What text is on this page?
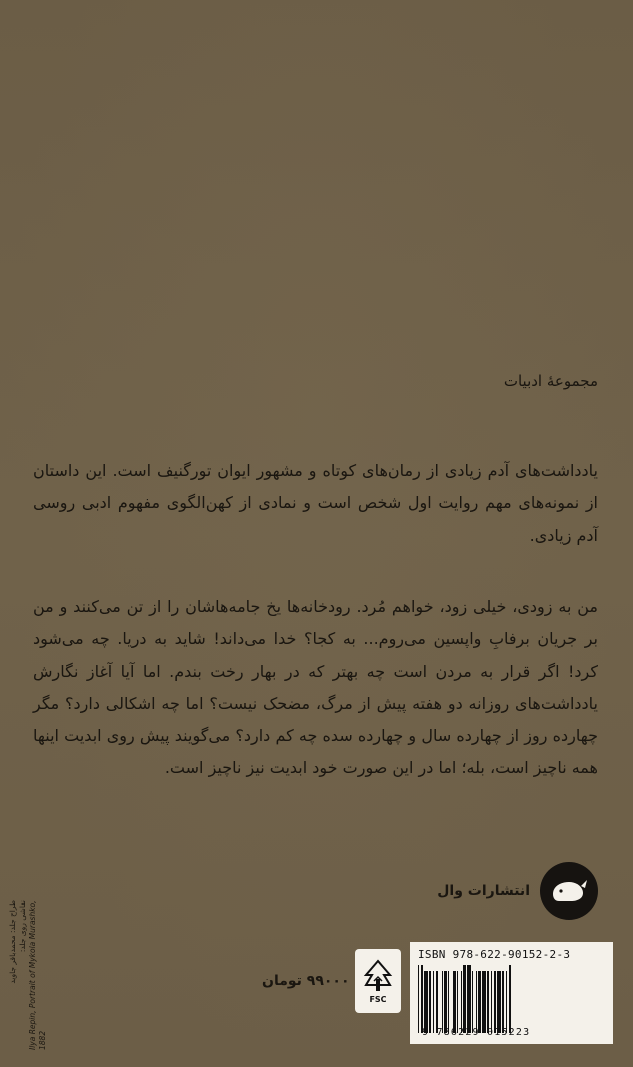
مجموعهٔ ادبیات
یادداشت‌های آدم زیادی از رمان‌های کوتاه و مشهور ایوان تورگنیف است. این داستان از نمونه‌های مهم روایت اول شخص است و نمادی از کهن‌الگوی مفهوم ادبی روسی آدم زیادی.
من به زودی، خیلی زود، خواهم مُرد. رودخانه‌ها یخ جامه‌هاشان را از تن می‌کنند و من بر جریان برفابِ واپسین می‌روم... به کجا؟ خدا می‌داند! شاید به دریا. چه می‌شود کرد! اگر قرار به مردن است چه بهتر که در بهار رخت بندم. اما آیا آغاز نگارش یادداشت‌های روزانه دو هفته پیش از مرگ، مضحک نیست؟ اما چه اشکالی دارد؟ مگر چهارده روز از چهارده سال و چهارده سده چه کم دارد؟ می‌گویند پیش روی ابدیت اینها همه ناچیز است، بله؛ اما در این صورت خود ابدیت نیز ناچیز است.
انتشارات وال
ISBN 978-622-90152-2-3
9 786229 015223
FSC
۹۹۰۰۰ تومان
طراح جلد: محمدباقر جاوید نقاشی روی جلد: Ilya Repin, Portrait of Mykola Murashko, 1882
